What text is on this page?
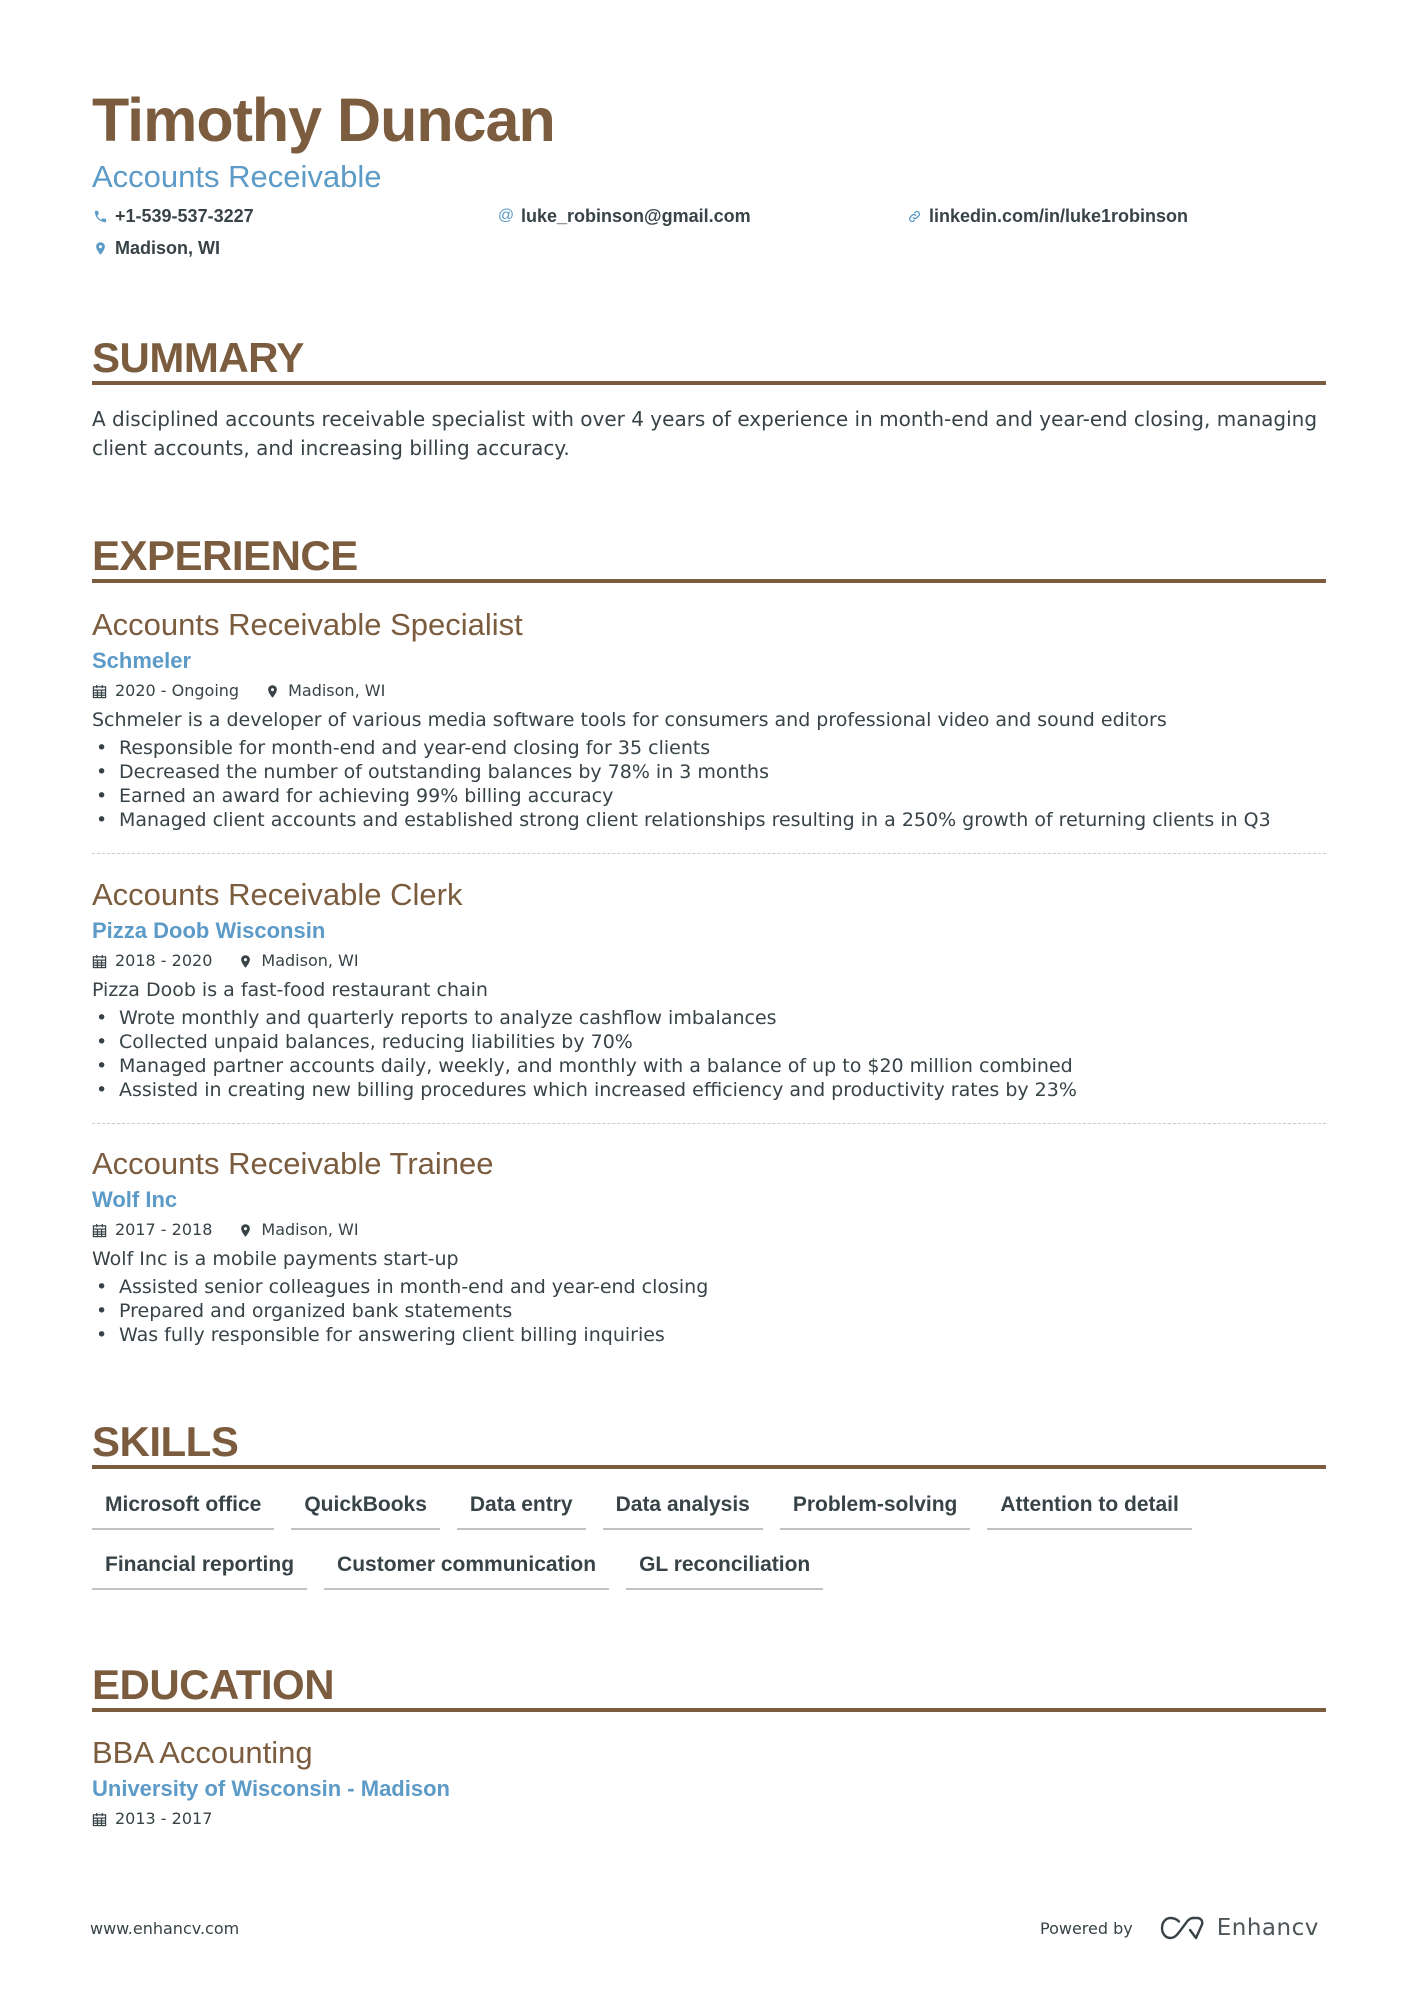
Timothy Duncan
Accounts Receivable
+1-539-537-3227	@ luke_robinson@gmail.com	linkedin.com/in/luke1robinson
Madison, WI
SUMMARY
A disciplined accounts receivable specialist with over 4 years of experience in month-end and year-end closing, managing client accounts, and increasing billing accuracy.
EXPERIENCE
Accounts Receivable Specialist
Schmeler
2020 - Ongoing	Madison, WI
Schmeler is a developer of various media software tools for consumers and professional video and sound editors
• Responsible for month-end and year-end closing for 35 clients
• Decreased the number of outstanding balances by 78% in 3 months
• Earned an award for achieving 99% billing accuracy
• Managed client accounts and established strong client relationships resulting in a 250% growth of returning clients in Q3
Accounts Receivable Clerk
Pizza Doob Wisconsin
2018 - 2020	Madison, WI
Pizza Doob is a fast-food restaurant chain
• Wrote monthly and quarterly reports to analyze cashflow imbalances
• Collected unpaid balances, reducing liabilities by 70%
• Managed partner accounts daily, weekly, and monthly with a balance of up to $20 million combined
• Assisted in creating new billing procedures which increased efficiency and productivity rates by 23%
Accounts Receivable Trainee
Wolf Inc
2017 - 2018	Madison, WI
Wolf Inc is a mobile payments start-up
• Assisted senior colleagues in month-end and year-end closing
• Prepared and organized bank statements
• Was fully responsible for answering client billing inquiries
SKILLS
Microsoft office	QuickBooks	Data entry	Data analysis	Problem-solving	Attention to detail
Financial reporting	Customer communication	GL reconciliation
EDUCATION
BBA Accounting
University of Wisconsin - Madison
2013 - 2017
www.enhancv.com	Powered by	Enhancv
